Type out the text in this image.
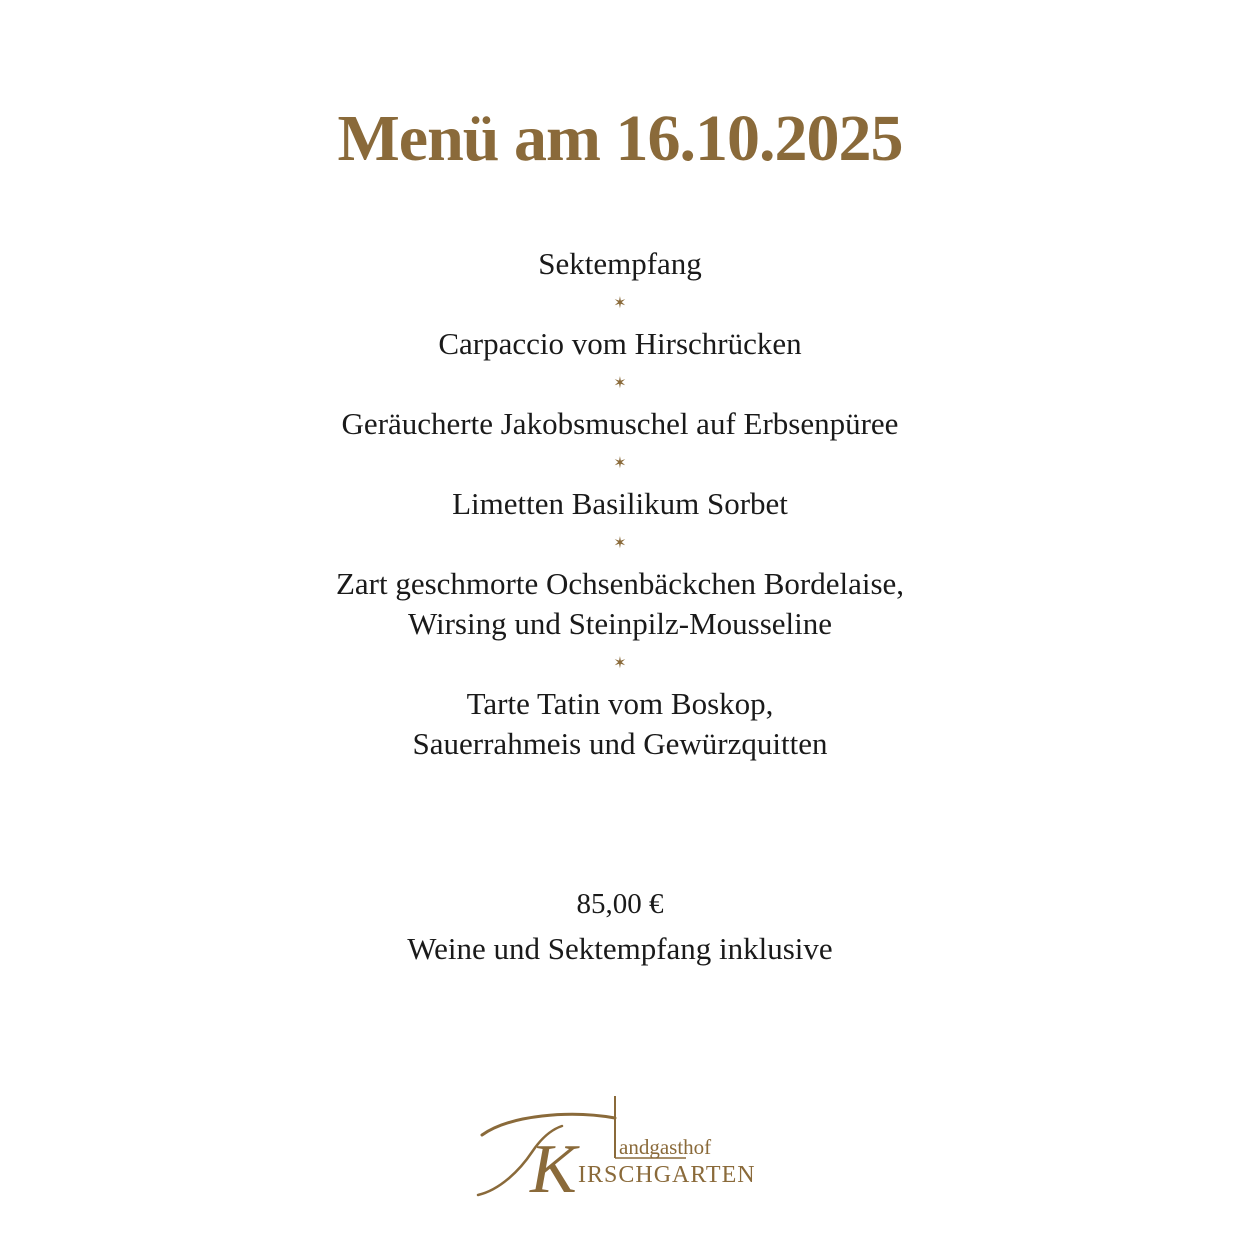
Menü am 16.10.2025
Sektempfang
✶
Carpaccio vom Hirschrücken
✶
Geräucherte Jakobsmuschel auf Erbsenpüree
✶
Limetten Basilikum Sorbet
✶
Zart geschmorte Ochsenbäckchen Bordelaise,
Wirsing und Steinpilz-Mousseline
✶
Tarte Tatin vom Boskop,
Sauerrahmeis und Gewürzquitten
85,00 €
Weine und Sektempfang inklusive
K andgasthof
IRSCHGARTEN
